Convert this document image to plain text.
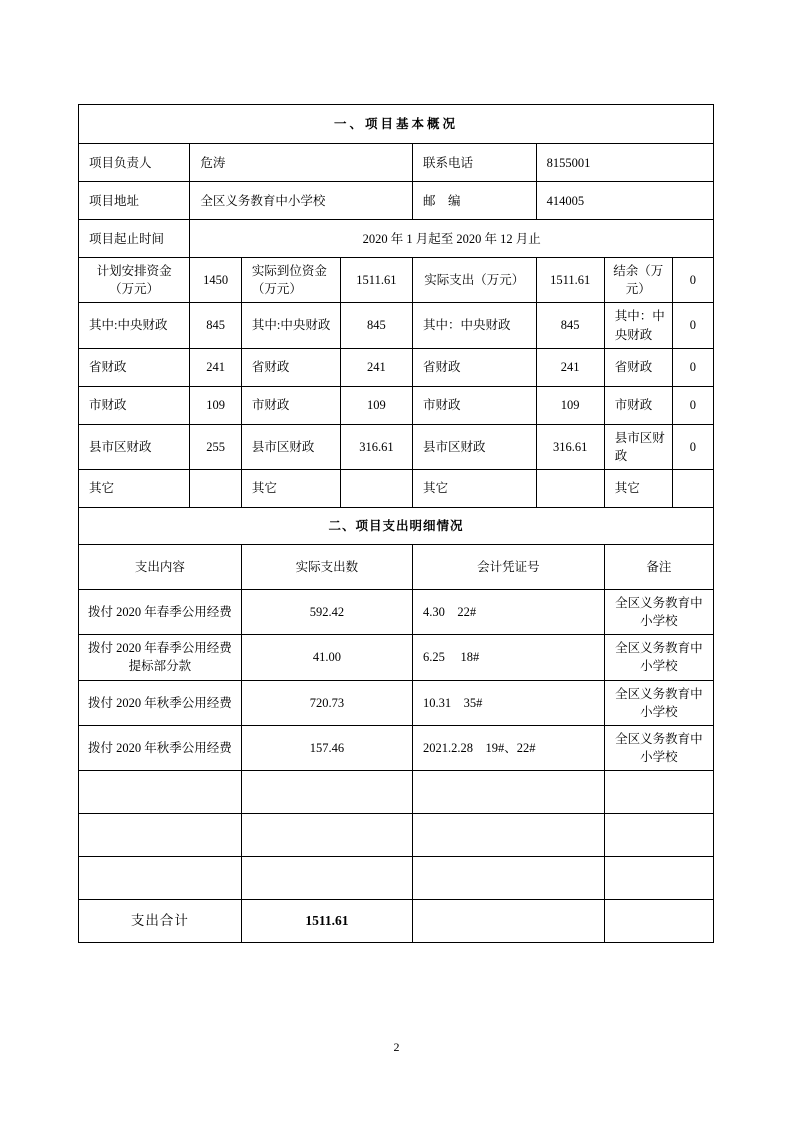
一、项目基本概况							
项目负责人	危涛			联系电话	8155001		
项目地址	全区义务教育中小学校			邮　编	414005		
项目起止时间	2020 年 1 月起至 2020 年 12 月止						
计划安排资金（万元）	1450	实际到位资金（万元）	1511.61	实际支出（万元）	1511.61	结余（万元）	0
其中:中央财政	845	其中:中央财政	845	其中：中央财政	845	其中：中央财政	0
省财政	241	省财政	241	省财政	241	省财政	0
市财政	109	市财政	109	市财政	109	市财政	0
县市区财政	255	县市区财政	316.61	县市区财政	316.61	县市区财政	0
其它		其它		其它		其它	
二、项目支出明细情况							
支出内容		实际支出数		会计凭证号		备注	
拨付 2020 年春季公用经费		592.42		4.30　22#		全区义务教育中小学校	
拨付 2020 年春季公用经费提标部分款		41.00		6.25　 18#		全区义务教育中小学校	
拨付 2020 年秋季公用经费		720.73		10.31　35#		全区义务教育中小学校	
拨付 2020 年秋季公用经费		157.46		2021.2.28　19#、22#		全区义务教育中小学校	

支出合计		1511.61					
2
